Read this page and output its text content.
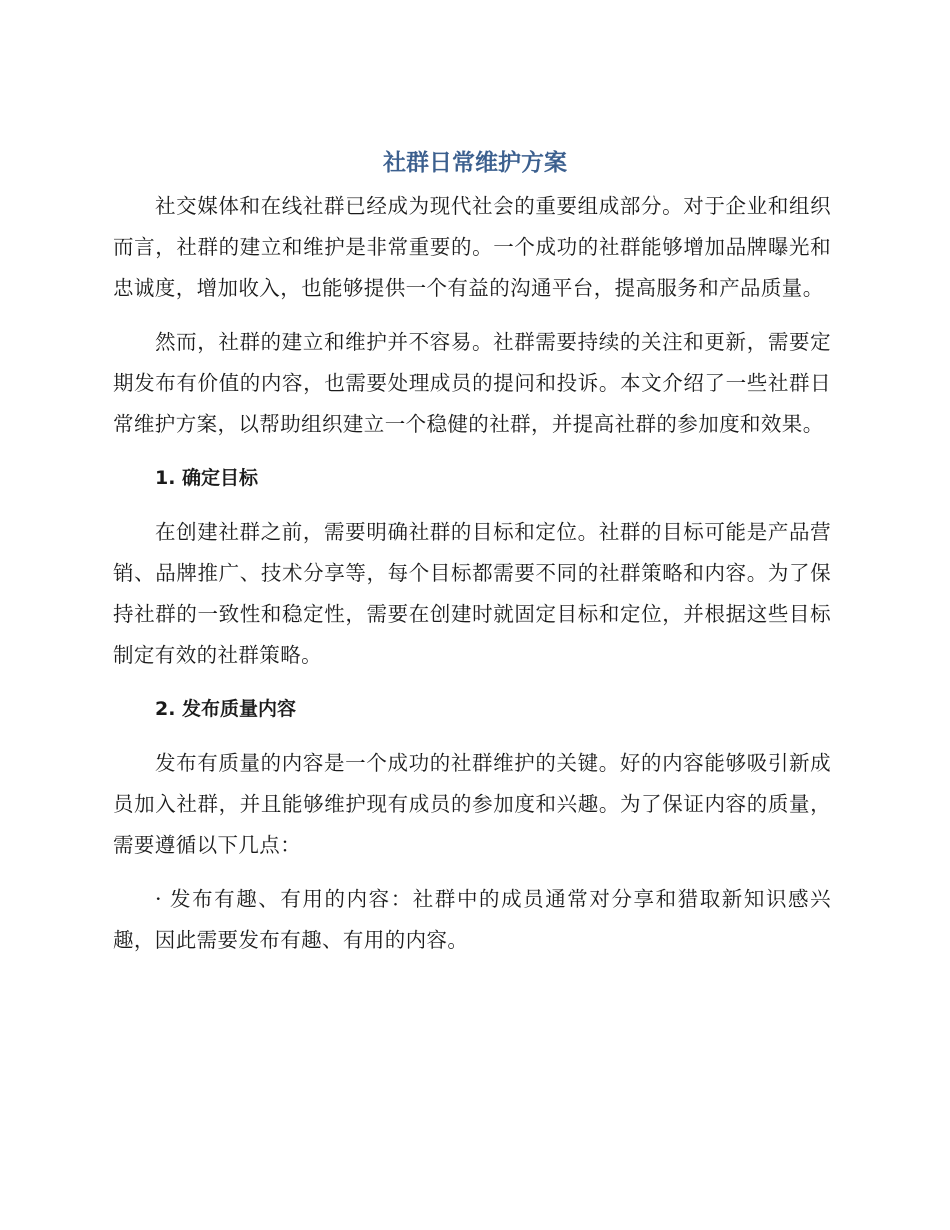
社群日常维护方案

社交媒体和在线社群已经成为现代社会的重要组成部分。对于企业和组织而言，社群的建立和维护是非常重要的。一个成功的社群能够增加品牌曝光和忠诚度，增加收入，也能够提供一个有益的沟通平台，提高服务和产品质量。

然而，社群的建立和维护并不容易。社群需要持续的关注和更新，需要定期发布有价值的内容，也需要处理成员的提问和投诉。本文介绍了一些社群日常维护方案，以帮助组织建立一个稳健的社群，并提高社群的参加度和效果。

1. 确定目标

在创建社群之前，需要明确社群的目标和定位。社群的目标可能是产品营销、品牌推广、技术分享等，每个目标都需要不同的社群策略和内容。为了保持社群的一致性和稳定性，需要在创建时就固定目标和定位，并根据这些目标制定有效的社群策略。

2. 发布质量内容

发布有质量的内容是一个成功的社群维护的关键。好的内容能够吸引新成员加入社群，并且能够维护现有成员的参加度和兴趣。为了保证内容的质量，需要遵循以下几点：

· 发布有趣、有用的内容：社群中的成员通常对分享和猎取新知识感兴趣，因此需要发布有趣、有用的内容。
